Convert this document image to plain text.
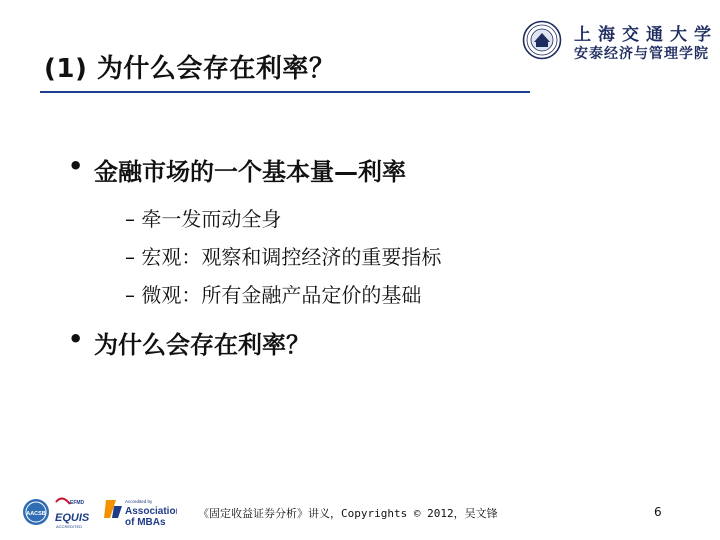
(1) 为什么会存在利率？
上海交通大学
安泰经济与管理学院
• 金融市场的一个基本量—利率
– 牵一发而动全身
– 宏观：观察和调控经济的重要指标
– 微观：所有金融产品定价的基础
• 为什么会存在利率？
AACSB
EFMD
EQUIS
ACCREDITED
Accredited by
Association
of MBAs
《固定收益证券分析》讲义，Copyrights © 2012，吴文锋	6
